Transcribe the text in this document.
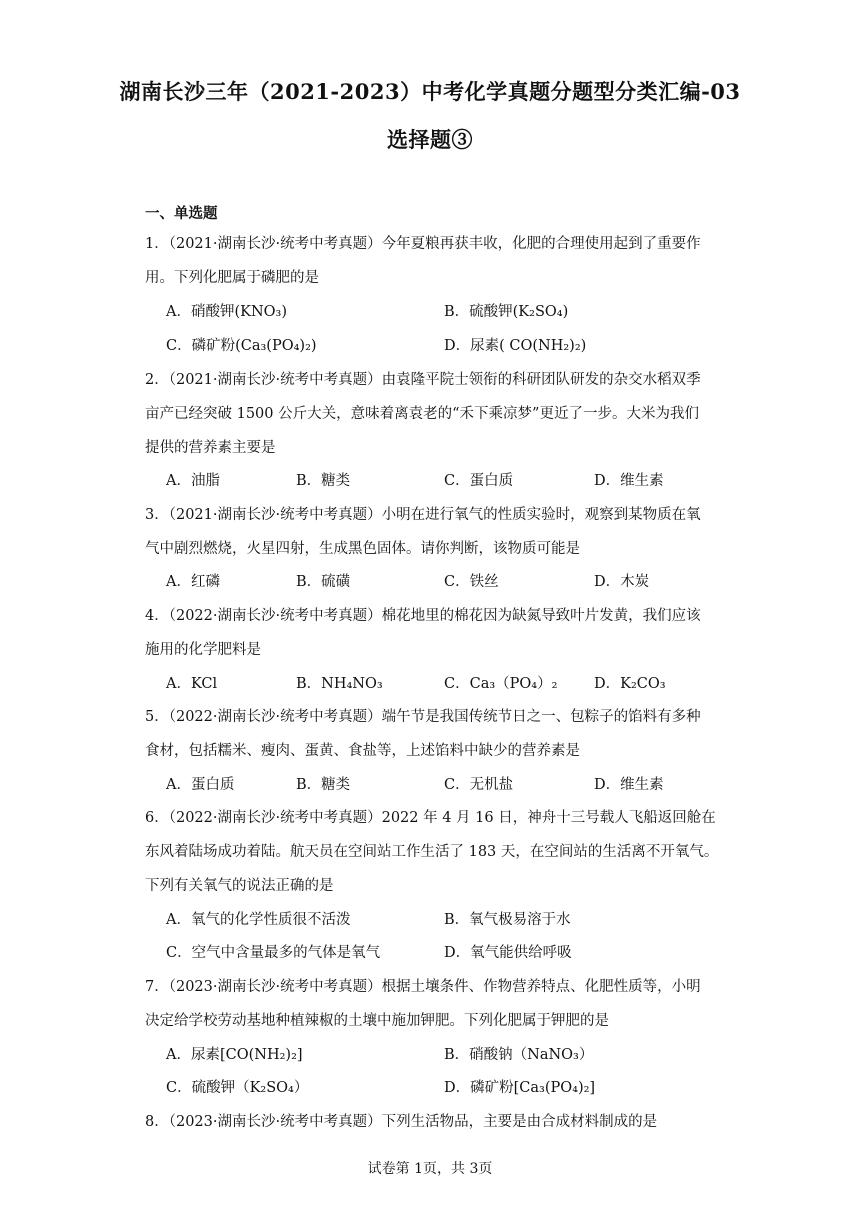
湖南长沙三年（2021-2023）中考化学真题分题型分类汇编-03
选择题③
一、单选题
1．（2021·湖南长沙·统考中考真题）今年夏粮再获丰收，化肥的合理使用起到了重要作
用。下列化肥属于磷肥的是
A．硝酸钾(KNO₃)	B．硫酸钾(K₂SO₄)
C．磷矿粉(Ca₃(PO₄)₂)	D．尿素( CO(NH₂)₂)
2．（2021·湖南长沙·统考中考真题）由袁隆平院士领衔的科研团队研发的杂交水稻双季
亩产已经突破 1500 公斤大关，意味着离袁老的“禾下乘凉梦”更近了一步。大米为我们
提供的营养素主要是
A．油脂	B．糖类	C．蛋白质	D．维生素
3．（2021·湖南长沙·统考中考真题）小明在进行氧气的性质实验时，观察到某物质在氧
气中剧烈燃烧，火星四射，生成黑色固体。请你判断，该物质可能是
A．红磷	B．硫磺	C．铁丝	D．木炭
4．（2022·湖南长沙·统考中考真题）棉花地里的棉花因为缺氮导致叶片发黄，我们应该
施用的化学肥料是
A．KCl	B．NH₄NO₃	C．Ca₃（PO₄）₂	D．K₂CO₃
5．（2022·湖南长沙·统考中考真题）端午节是我国传统节日之一、包粽子的馅料有多种
食材，包括糯米、瘦肉、蛋黄、食盐等，上述馅料中缺少的营养素是
A．蛋白质	B．糖类	C．无机盐	D．维生素
6．（2022·湖南长沙·统考中考真题）2022 年 4 月 16 日，神舟十三号载人飞船返回舱在
东风着陆场成功着陆。航天员在空间站工作生活了 183 天，在空间站的生活离不开氧气。
下列有关氧气的说法正确的是
A．氧气的化学性质很不活泼	B．氧气极易溶于水
C．空气中含量最多的气体是氧气	D．氧气能供给呼吸
7．（2023·湖南长沙·统考中考真题）根据土壤条件、作物营养特点、化肥性质等，小明
决定给学校劳动基地种植辣椒的土壤中施加钾肥。下列化肥属于钾肥的是
A．尿素[CO(NH₂)₂]	B．硝酸钠（NaNO₃）
C．硫酸钾（K₂SO₄）	D．磷矿粉[Ca₃(PO₄)₂]
8．（2023·湖南长沙·统考中考真题）下列生活物品，主要是由合成材料制成的是
试卷第 1页，共 3页
